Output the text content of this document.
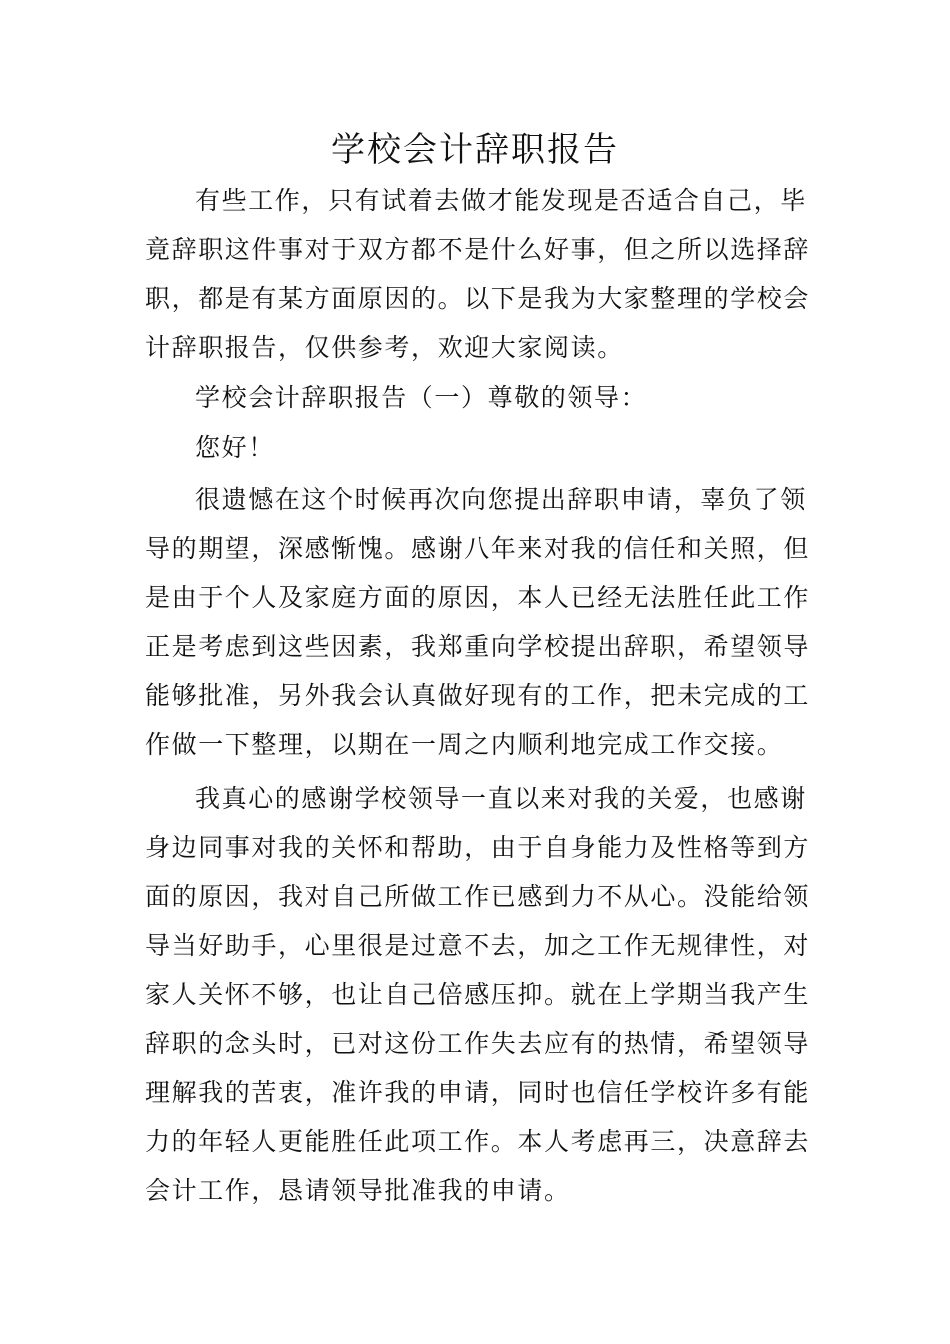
学校会计辞职报告
有些工作，只有试着去做才能发现是否适合自己，毕
竟辞职这件事对于双方都不是什么好事，但之所以选择辞
职，都是有某方面原因的。以下是我为大家整理的学校会
计辞职报告，仅供参考，欢迎大家阅读。
学校会计辞职报告（一）尊敬的领导：
您好！
很遗憾在这个时候再次向您提出辞职申请，辜负了领
导的期望，深感惭愧。感谢八年来对我的信任和关照，但
是由于个人及家庭方面的原因，本人已经无法胜任此工作
正是考虑到这些因素，我郑重向学校提出辞职，希望领导
能够批准，另外我会认真做好现有的工作，把未完成的工
作做一下整理，以期在一周之内顺利地完成工作交接。
我真心的感谢学校领导一直以来对我的关爱，也感谢
身边同事对我的关怀和帮助，由于自身能力及性格等到方
面的原因，我对自己所做工作已感到力不从心。没能给领
导当好助手，心里很是过意不去，加之工作无规律性，对
家人关怀不够，也让自己倍感压抑。就在上学期当我产生
辞职的念头时，已对这份工作失去应有的热情，希望领导
理解我的苦衷，准许我的申请，同时也信任学校许多有能
力的年轻人更能胜任此项工作。本人考虑再三，决意辞去
会计工作，恳请领导批准我的申请。
